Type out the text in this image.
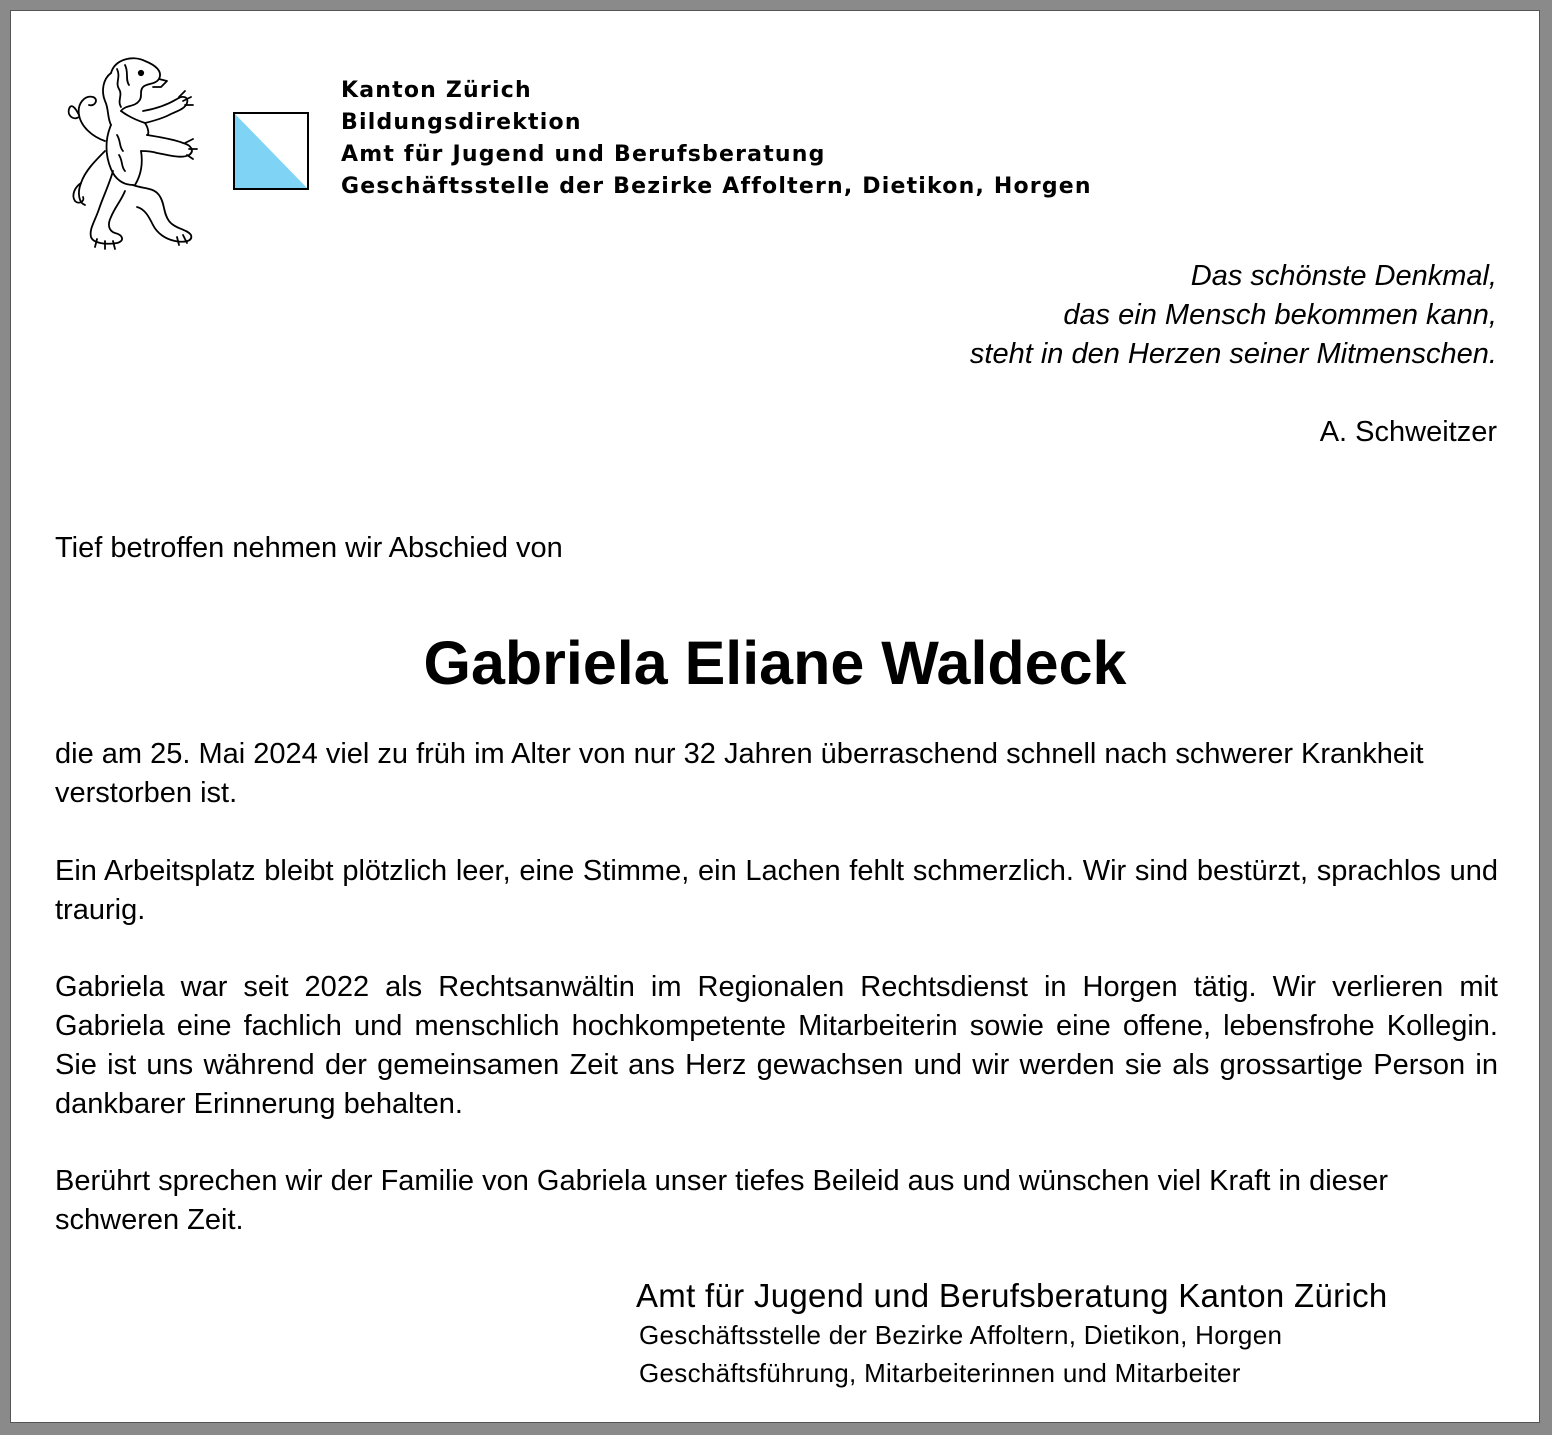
Kanton Zürich
Bildungsdirektion
Amt für Jugend und Berufsberatung
Geschäftsstelle der Bezirke Affoltern, Dietikon, Horgen
Das schönste Denkmal,
das ein Mensch bekommen kann,
steht in den Herzen seiner Mitmenschen.
A. Schweitzer
Tief betroffen nehmen wir Abschied von
Gabriela Eliane Waldeck
die am 25. Mai 2024 viel zu früh im Alter von nur 32 Jahren überraschend schnell nach schwerer Krankheit verstorben ist.
Ein Arbeitsplatz bleibt plötzlich leer, eine Stimme, ein Lachen fehlt schmerzlich. Wir sind bestürzt, sprachlos und traurig.
Gabriela war seit 2022 als Rechtsanwältin im Regionalen Rechtsdienst in Horgen tätig. Wir verlieren mit Gabriela eine fachlich und menschlich hochkompetente Mitarbeiterin sowie eine offene, lebensfrohe Kollegin. Sie ist uns während der gemeinsamen Zeit ans Herz gewachsen und wir werden sie als grossartige Person in dankbarer Erinnerung behalten.
Berührt sprechen wir der Familie von Gabriela unser tiefes Beileid aus und wünschen viel Kraft in dieser schweren Zeit.
Amt für Jugend und Berufsberatung Kanton Zürich
Geschäftsstelle der Bezirke Affoltern, Dietikon, Horgen
Geschäftsführung, Mitarbeiterinnen und Mitarbeiter
